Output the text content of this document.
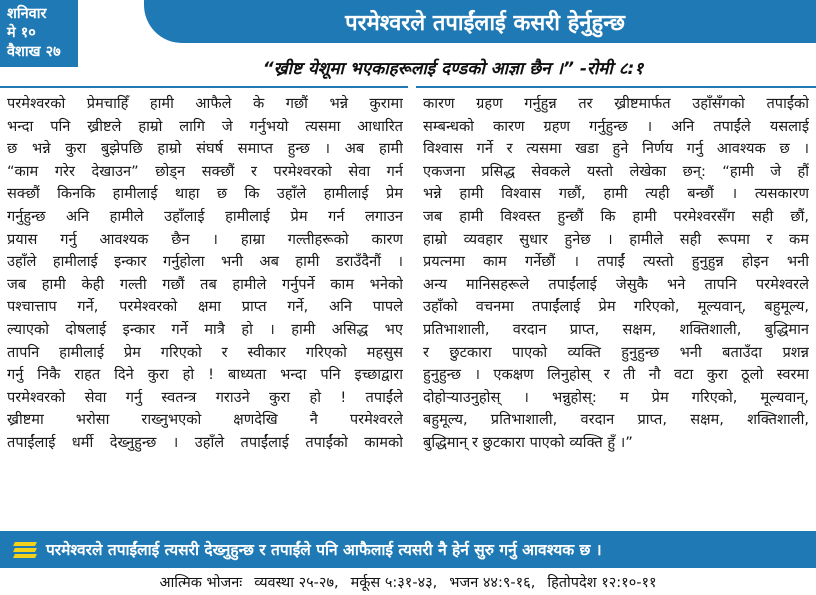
शनिवार
मे १०
वैशाख २७
परमेश्वरले तपाईंलाई कसरी हेर्नुहुन्छ
“ख्रीष्ट येशूमा भएकाहरूलाई दण्डको आज्ञा छैन ।” -रोमी ८:१
परमेश्वरको प्रेमचाहिँ हामी आफैले के गछौं भन्ने कुरामा
भन्दा पनि ख्रीष्टले हाम्रो लागि जे गर्नुभयो त्यसमा आधारित
छ भन्ने कुरा बुझेपछि हाम्रो संघर्ष समाप्त हुन्छ । अब हामी
“काम गरेर देखाउन” छोड्न सक्छौं र परमेश्वरको सेवा गर्न
सक्छौं किनकि हामीलाई थाहा छ कि उहाँले हामीलाई प्रेम
गर्नुहुन्छ अनि हामीले उहाँलाई हामीलाई प्रेम गर्न लगाउन
प्रयास गर्नु आवश्यक छैन । हाम्रा गल्तीहरूको कारण
उहाँले हामीलाई इन्कार गर्नुहोला भनी अब हामी डराउँदैनौं ।
जब हामी केही गल्ती गछौं तब हामीले गर्नुपर्ने काम भनेको
पश्चात्ताप गर्ने, परमेश्वरको क्षमा प्राप्त गर्ने, अनि पापले
ल्याएको दोषलाई इन्कार गर्ने मात्रै हो । हामी असिद्ध भए
तापनि हामीलाई प्रेम गरिएको र स्वीकार गरिएको महसुस
गर्नु निकै राहत दिने कुरा हो ! बाध्यता भन्दा पनि इच्छाद्वारा
परमेश्वरको सेवा गर्नु स्वतन्त्र गराउने कुरा हो ! तपाईंले
ख्रीष्टमा भरोसा राख्नुभएको क्षणदेखि नै परमेश्वरले
तपाईंलाई धर्मी देख्नुहुन्छ । उहाँले तपाईंलाई तपाईंको कामको
कारण ग्रहण गर्नुहुन्न तर ख्रीष्टमार्फत उहाँसँगको तपाईंको
सम्बन्धको कारण ग्रहण गर्नुहुन्छ । अनि तपाईंले यसलाई
विश्वास गर्ने र त्यसमा खडा हुने निर्णय गर्नु आवश्यक छ ।
एकजना प्रसिद्ध सेवकले यस्तो लेखेका छन्: “हामी जे हौं
भन्ने हामी विश्वास गछौं, हामी त्यही बन्छौं । त्यसकारण
जब हामी विश्वस्त हुन्छौं कि हामी परमेश्वरसँग सही छौं,
हाम्रो व्यवहार सुधार हुनेछ । हामीले सही रूपमा र कम
प्रयत्नमा काम गर्नेछौं । तपाईं त्यस्तो हुनुहुन्न होइन भनी
अन्य मानिसहरूले तपाईंलाई जेसुकै भने तापनि परमेश्वरले
उहाँको वचनमा तपाईंलाई प्रेम गरिएको, मूल्यवान्, बहुमूल्य,
प्रतिभाशाली, वरदान प्राप्त, सक्षम, शक्तिशाली, बुद्धिमान
र छुटकारा पाएको व्यक्ति हुनुहुन्छ भनी बताउँदा प्रशन्न
हुनुहुन्छ । एकक्षण लिनुहोस् र ती नौ वटा कुरा ठूलो स्वरमा
दोहोऱ्याउनुहोस् । भन्नुहोस्: म प्रेम गरिएको, मूल्यवान्,
बहुमूल्य, प्रतिभाशाली, वरदान प्राप्त, सक्षम, शक्तिशाली,
बुद्धिमान् र छुटकारा पाएको व्यक्ति हुँ ।”
परमेश्वरले तपाईंलाई त्यसरी देख्नुहुन्छ र तपाईंले पनि आफैलाई त्यसरी नै हेर्न सुरु गर्नु आवश्यक छ ।
आत्मिक भोजनः व्यवस्था २५-२७, मर्कूस ५:३१-४३, भजन ४४:९-१६, हितोपदेश १२:१०-११
